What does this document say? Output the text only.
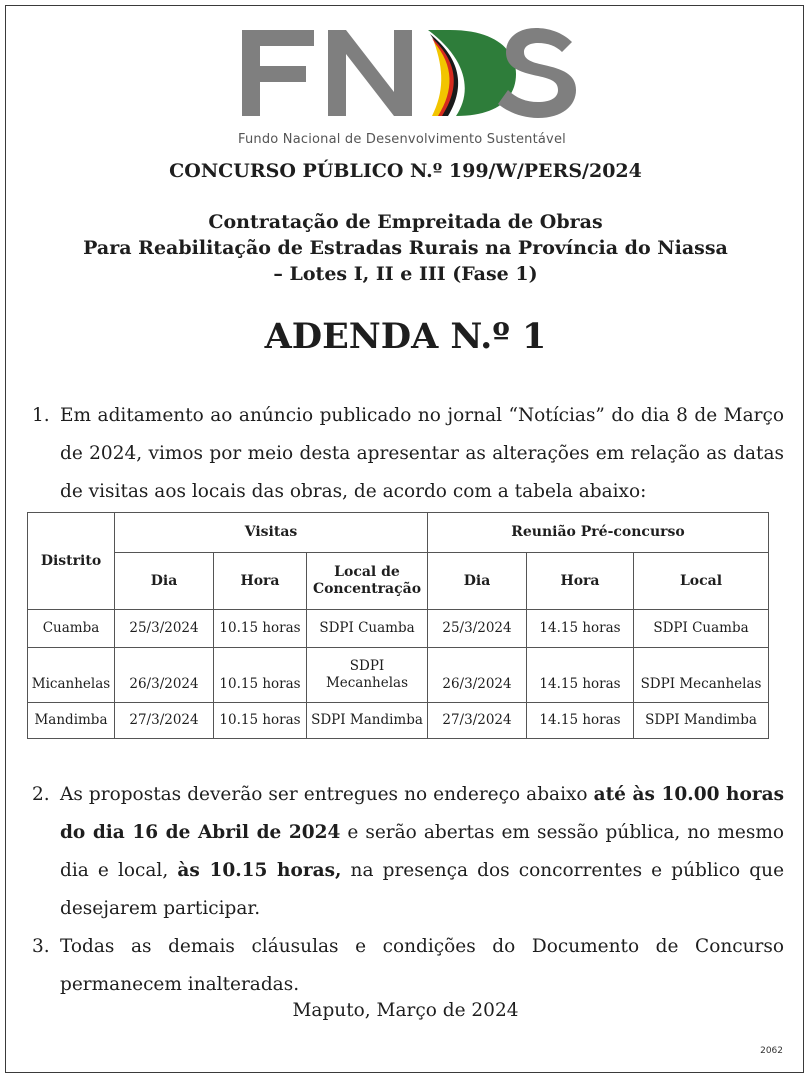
Fundo Nacional de Desenvolvimento Sustentável
CONCURSO PÚBLICO N.º 199/W/PERS/2024
Contratação de Empreitada de Obras
Para Reabilitação de Estradas Rurais na Província do Niassa
– Lotes I, II e III (Fase 1)
ADENDA N.º 1
1. Em aditamento ao anúncio publicado no jornal “Notícias” do dia 8 de Março de 2024, vimos por meio desta apresentar as alterações em relação as datas de visitas aos locais das obras, de acordo com a tabela abaixo:
Distrito	Visitas			Reunião Pré-concurso		
	Dia	Hora	Local de Concentração	Dia	Hora	Local
Cuamba	25/3/2024	10.15 horas	SDPI Cuamba	25/3/2024	14.15 horas	SDPI Cuamba
Micanhelas	26/3/2024	10.15 horas	SDPI Mecanhelas	26/3/2024	14.15 horas	SDPI Mecanhelas
Mandimba	27/3/2024	10.15 horas	SDPI Mandimba	27/3/2024	14.15 horas	SDPI Mandimba
2. As propostas deverão ser entregues no endereço abaixo até às 10.00 horas do dia 16 de Abril de 2024 e serão abertas em sessão pública, no mesmo dia e local, às 10.15 horas, na presença dos concorrentes e público que desejarem participar.
3. Todas as demais cláusulas e condições do Documento de Concurso permanecem inalteradas.
Maputo, Março de 2024
2062
